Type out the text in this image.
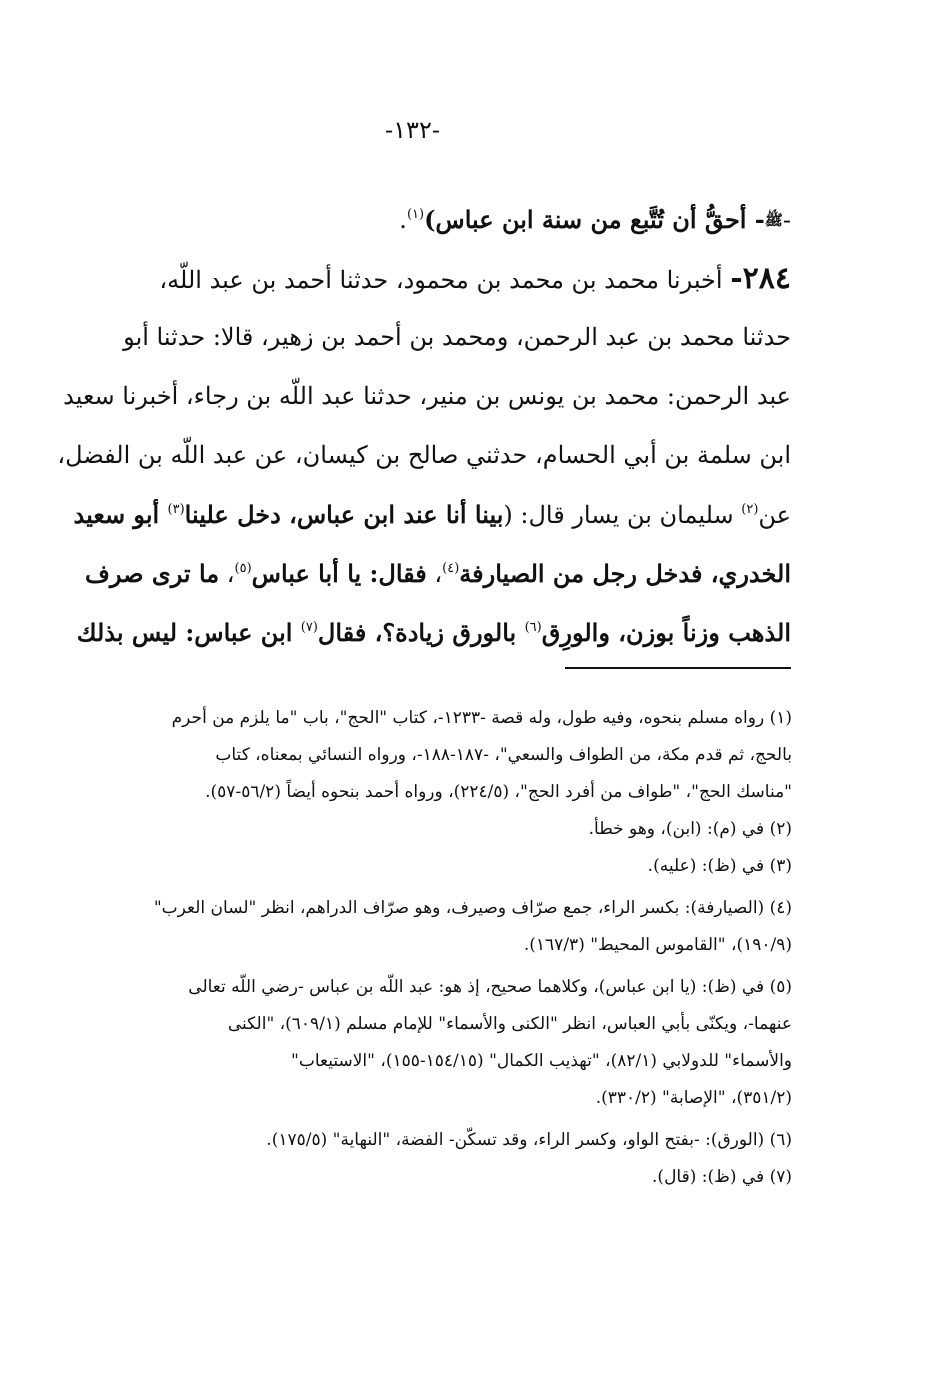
-١٣٢-
-ﷺ- أحقُّ أن تُتَّبع من سنة ابن عباس)$^{(١)}$.
٢٨٤- أخبرنا محمد بن محمد بن محمود، حدثنا أحمد بن عبد اللّه،
حدثنا محمد بن عبد الرحمن، ومحمد بن أحمد بن زهير، قالا: حدثنا أبو
عبد الرحمن: محمد بن يونس بن منير، حدثنا عبد اللّه بن رجاء، أخبرنا سعيد
ابن سلمة بن أبي الحسام، حدثني صالح بن كيسان، عن عبد اللّه بن الفضل،
عن$^{(٢)}$ سليمان بن يسار قال: (بينا أنا عند ابن عباس، دخل علينا$^{(٣)}$ أبو سعيد
الخدري، فدخل رجل من الصيارفة$^{(٤)}$، فقال: يا أبا عباس$^{(٥)}$، ما ترى صرف
الذهب وزناً بوزن، والورِق$^{(٦)}$ بالورق زيادة؟، فقال$^{(٧)}$ ابن عباس: ليس بذلك
(١) رواه مسلم بنحوه، وفيه طول، وله قصة -١٢٣٣-، كتاب "الحج"، باب "ما يلزم من أحرم
بالحج، ثم قدم مكة، من الطواف والسعي"، -١٨٧-١٨٨-، ورواه النسائي بمعناه، كتاب
"مناسك الحج"، "طواف من أفرد الحج"، (٢٢٤/٥)، ورواه أحمد بنحوه أيضاً (٥٦/٢-٥٧).
(٢) في (م): (ابن)، وهو خطأ.
(٣) في (ظ): (عليه).
(٤) (الصيارفة): بكسر الراء، جمع صرّاف وصيرف، وهو صرّاف الدراهم، انظر "لسان العرب"
(١٩٠/٩)، "القاموس المحيط" (١٦٧/٣).
(٥) في (ظ): (يا ابن عباس)، وكلاهما صحيح، إذ هو: عبد اللّه بن عباس -رضي اللّه تعالى
عنهما-، ويكنّى بأبي العباس، انظر "الكنى والأسماء" للإمام مسلم (٦٠٩/١)، "الكنى
والأسماء" للدولابي (٨٢/١)، "تهذيب الكمال" (١٥٤/١٥-١٥٥)، "الاستيعاب"
(٣٥١/٢)، "الإصابة" (٣٣٠/٢).
(٦) (الورق): -بفتح الواو، وكسر الراء، وقد تسكّن- الفضة، "النهاية" (١٧٥/٥).
(٧) في (ظ): (قال).
